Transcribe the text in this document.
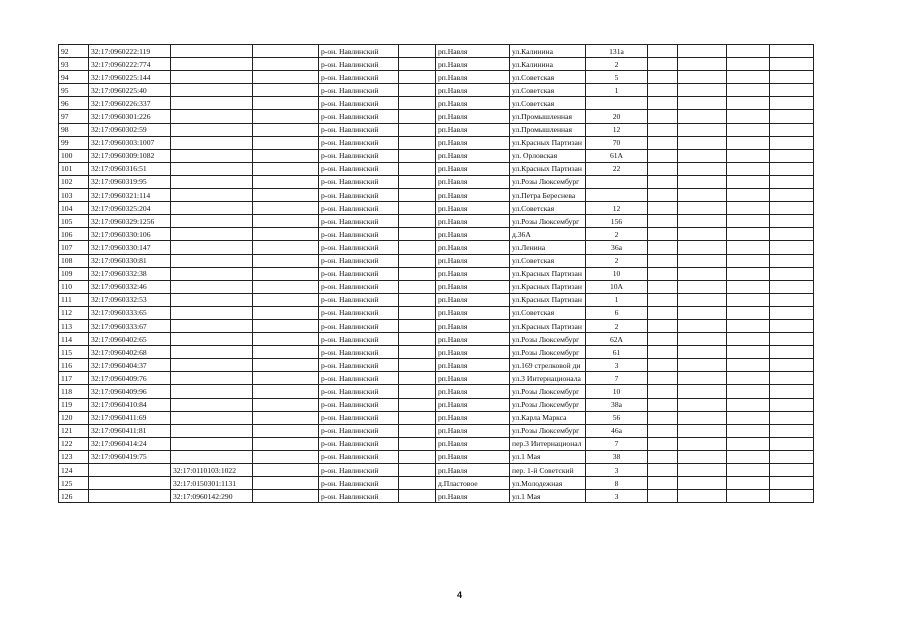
92	32:17:0960222:119			р-он. Навлинский		рп.Навля	ул.Калинина	131а				
93	32:17:0960222:774			р-он. Навлинский		рп.Навля	ул.Калинина	2				
94	32:17:0960225:144			р-он. Навлинский		рп.Навля	ул.Советская	5				
95	32:17:0960225:40			р-он. Навлинский		рп.Навля	ул.Советская	1				
96	32:17:0960226:337			р-он. Навлинский		рп.Навля	ул.Советская					
97	32:17:0960301:226			р-он. Навлинский		рп.Навля	ул.Промышленная	20				
98	32:17:0960302:59			р-он. Навлинский		рп.Навля	ул.Промышленная	12				
99	32:17:0960303:1007			р-он. Навлинский		рп.Навля	ул.Красных Партизан	70				
100	32:17:0960309:1082			р-он. Навлинский		рп.Навля	ул. Орловская	61А				
101	32:17:0960316:51			р-он. Навлинский		рп.Навля	ул.Красных Партизан	22				
102	32:17:0960319:95			р-он. Навлинский		рп.Навля	ул.Розы Люксембург					
103	32:17:0960321:114			р-он. Навлинский		рп.Навля	ул.Петра Береснева					
104	32:17:0960325:204			р-он. Навлинский		рп.Навля	ул.Советская	12				
105	32:17:0960329:1256			р-он. Навлинский		рп.Навля	ул.Розы Люксембург	156				
106	32:17:0960330:106			р-он. Навлинский		рп.Навля	д.36А	2				
107	32:17:0960330:147			р-он. Навлинский		рп.Навля	ул.Ленина	36а				
108	32:17:0960330:81			р-он. Навлинский		рп.Навля	ул.Советская	2				
109	32:17:0960332:38			р-он. Навлинский		рп.Навля	ул.Красных Партизан	10				
110	32:17:0960332:46			р-он. Навлинский		рп.Навля	ул.Красных Партизан	10А				
111	32:17:0960332:53			р-он. Навлинский		рп.Навля	ул.Красных Партизан	1				
112	32:17:0960333:65			р-он. Навлинский		рп.Навля	ул.Советская	6				
113	32:17:0960333:67			р-он. Навлинский		рп.Навля	ул.Красных Партизан	2				
114	32:17:0960402:65			р-он. Навлинский		рп.Навля	ул.Розы Люксембург	62А				
115	32:17:0960402:68			р-он. Навлинский		рп.Навля	ул.Розы Люксембург	61				
116	32:17:0960404:37			р-он. Навлинский		рп.Навля	ул.169 стрелковой ди	3				
117	32:17:0960409:76			р-он. Навлинский		рп.Навля	ул.3 Интернационала	7				
118	32:17:0960409:96			р-он. Навлинский		рп.Навля	ул.Розы Люксембург	10				
119	32:17:0960410:84			р-он. Навлинский		рп.Навля	ул.Розы Люксембург	38а				
120	32:17:0960411:69			р-он. Навлинский		рп.Навля	ул.Карла Маркса	56				
121	32:17:0960411:81			р-он. Навлинский		рп.Навля	ул.Розы Люксембург	46а				
122	32:17:0960414:24			р-он. Навлинский		рп.Навля	пер.3 Интернационал	7				
123	32:17:0960419:75			р-он. Навлинский		рп.Навля	ул.1 Мая	38				
124		32:17:0110103:1022		р-он. Навлинский		рп.Навля	пер. 1-й Советский	3				
125		32:17:0150301:1131		р-он. Навлинский		д.Пластовое	ул.Молодежная	8				
126		32:17:0960142:290		р-он. Навлинский		рп.Навля	ул.1 Мая	3				
4
